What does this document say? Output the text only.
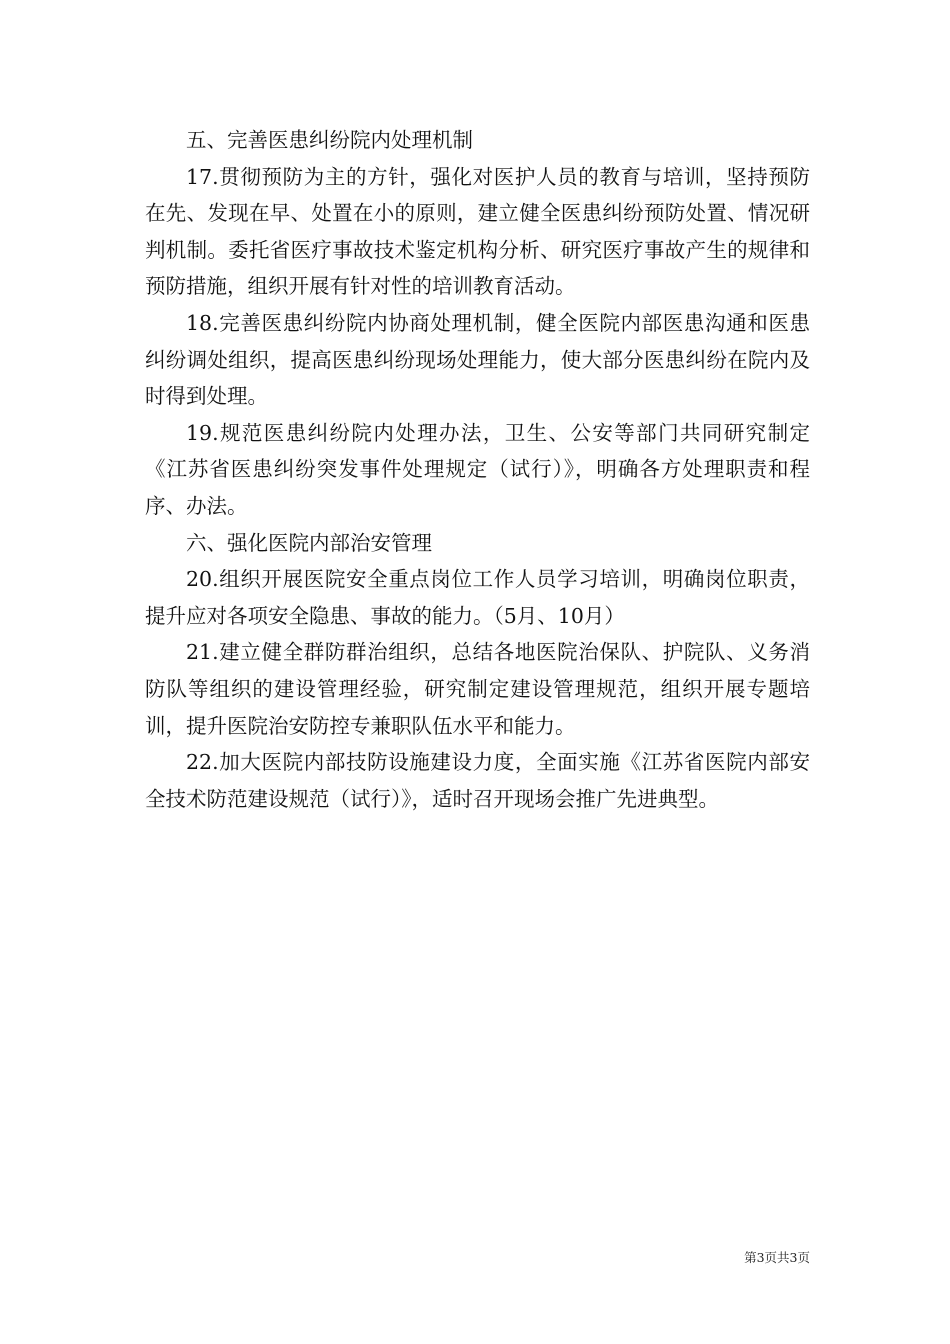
五、完善医患纠纷院内处理机制

17.贯彻预防为主的方针，强化对医护人员的教育与培训，坚持预防在先、发现在早、处置在小的原则，建立健全医患纠纷预防处置、情况研判机制。委托省医疗事故技术鉴定机构分析、研究医疗事故产生的规律和预防措施，组织开展有针对性的培训教育活动。

18.完善医患纠纷院内协商处理机制，健全医院内部医患沟通和医患纠纷调处组织，提高医患纠纷现场处理能力，使大部分医患纠纷在院内及时得到处理。

19.规范医患纠纷院内处理办法，卫生、公安等部门共同研究制定《江苏省医患纠纷突发事件处理规定（试行）》，明确各方处理职责和程序、办法。

六、强化医院内部治安管理

20.组织开展医院安全重点岗位工作人员学习培训，明确岗位职责，提升应对各项安全隐患、事故的能力。（5月、10月）

21.建立健全群防群治组织，总结各地医院治保队、护院队、义务消防队等组织的建设管理经验，研究制定建设管理规范，组织开展专题培训，提升医院治安防控专兼职队伍水平和能力。

22.加大医院内部技防设施建设力度，全面实施《江苏省医院内部安全技术防范建设规范（试行）》，适时召开现场会推广先进典型。

第3页共3页
